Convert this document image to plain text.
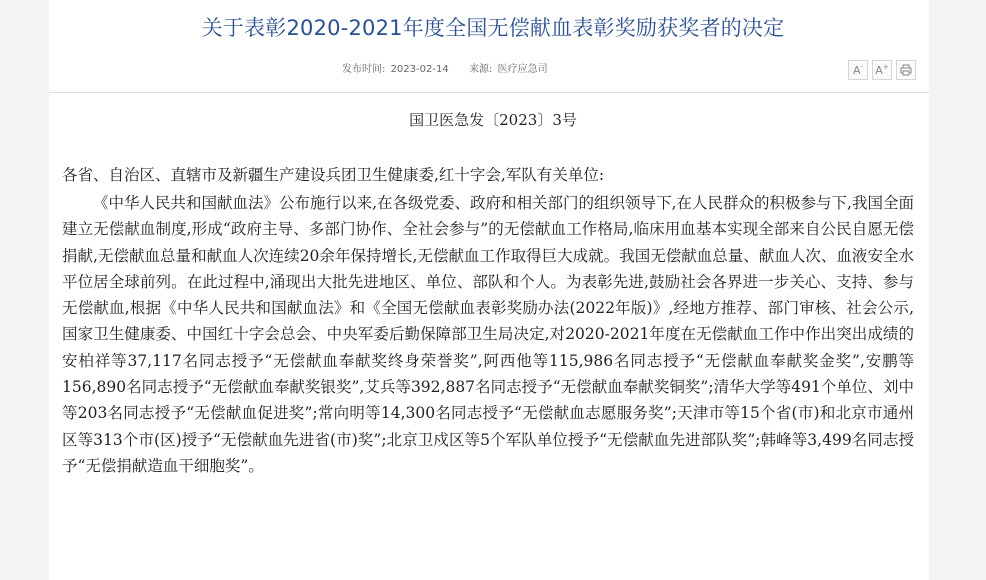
关于表彰2020-2021年度全国无偿献血表彰奖励获奖者的决定
发布时间: 2023-02-14 来源: 医疗应急司	A- A+
国卫医急发〔2023〕3号
各省、自治区、直辖市及新疆生产建设兵团卫生健康委,红十字会,军队有关单位:

《中华人民共和国献血法》公布施行以来,在各级党委、政府和相关部门的组织领导下,在人民群众的积极参与下,我国全面建立无偿献血制度,形成“政府主导、多部门协作、全社会参与”的无偿献血工作格局,临床用血基本实现全部来自公民自愿无偿捐献,无偿献血总量和献血人次连续20余年保持增长,无偿献血工作取得巨大成就。我国无偿献血总量、献血人次、血液安全水平位居全球前列。在此过程中,涌现出大批先进地区、单位、部队和个人。为表彰先进,鼓励社会各界进一步关心、支持、参与无偿献血,根据《中华人民共和国献血法》和《全国无偿献血表彰奖励办法(2022年版)》,经地方推荐、部门审核、社会公示,国家卫生健康委、中国红十字会总会、中央军委后勤保障部卫生局决定,对2020-2021年度在无偿献血工作中作出突出成绩的安柏祥等37,117名同志授予“无偿献血奉献奖终身荣誉奖”,阿西他等115,986名同志授予“无偿献血奉献奖金奖”,安鹏等156,890名同志授予“无偿献血奉献奖银奖”,艾兵等392,887名同志授予“无偿献血奉献奖铜奖”;清华大学等491个单位、刘中等203名同志授予“无偿献血促进奖”;常向明等14,300名同志授予“无偿献血志愿服务奖”;天津市等15个省(市)和北京市通州区等313个市(区)授予“无偿献血先进省(市)奖”;北京卫戍区等5个军队单位授予“无偿献血先进部队奖”;韩峰等3,499名同志授予“无偿捐献造血干细胞奖”。
